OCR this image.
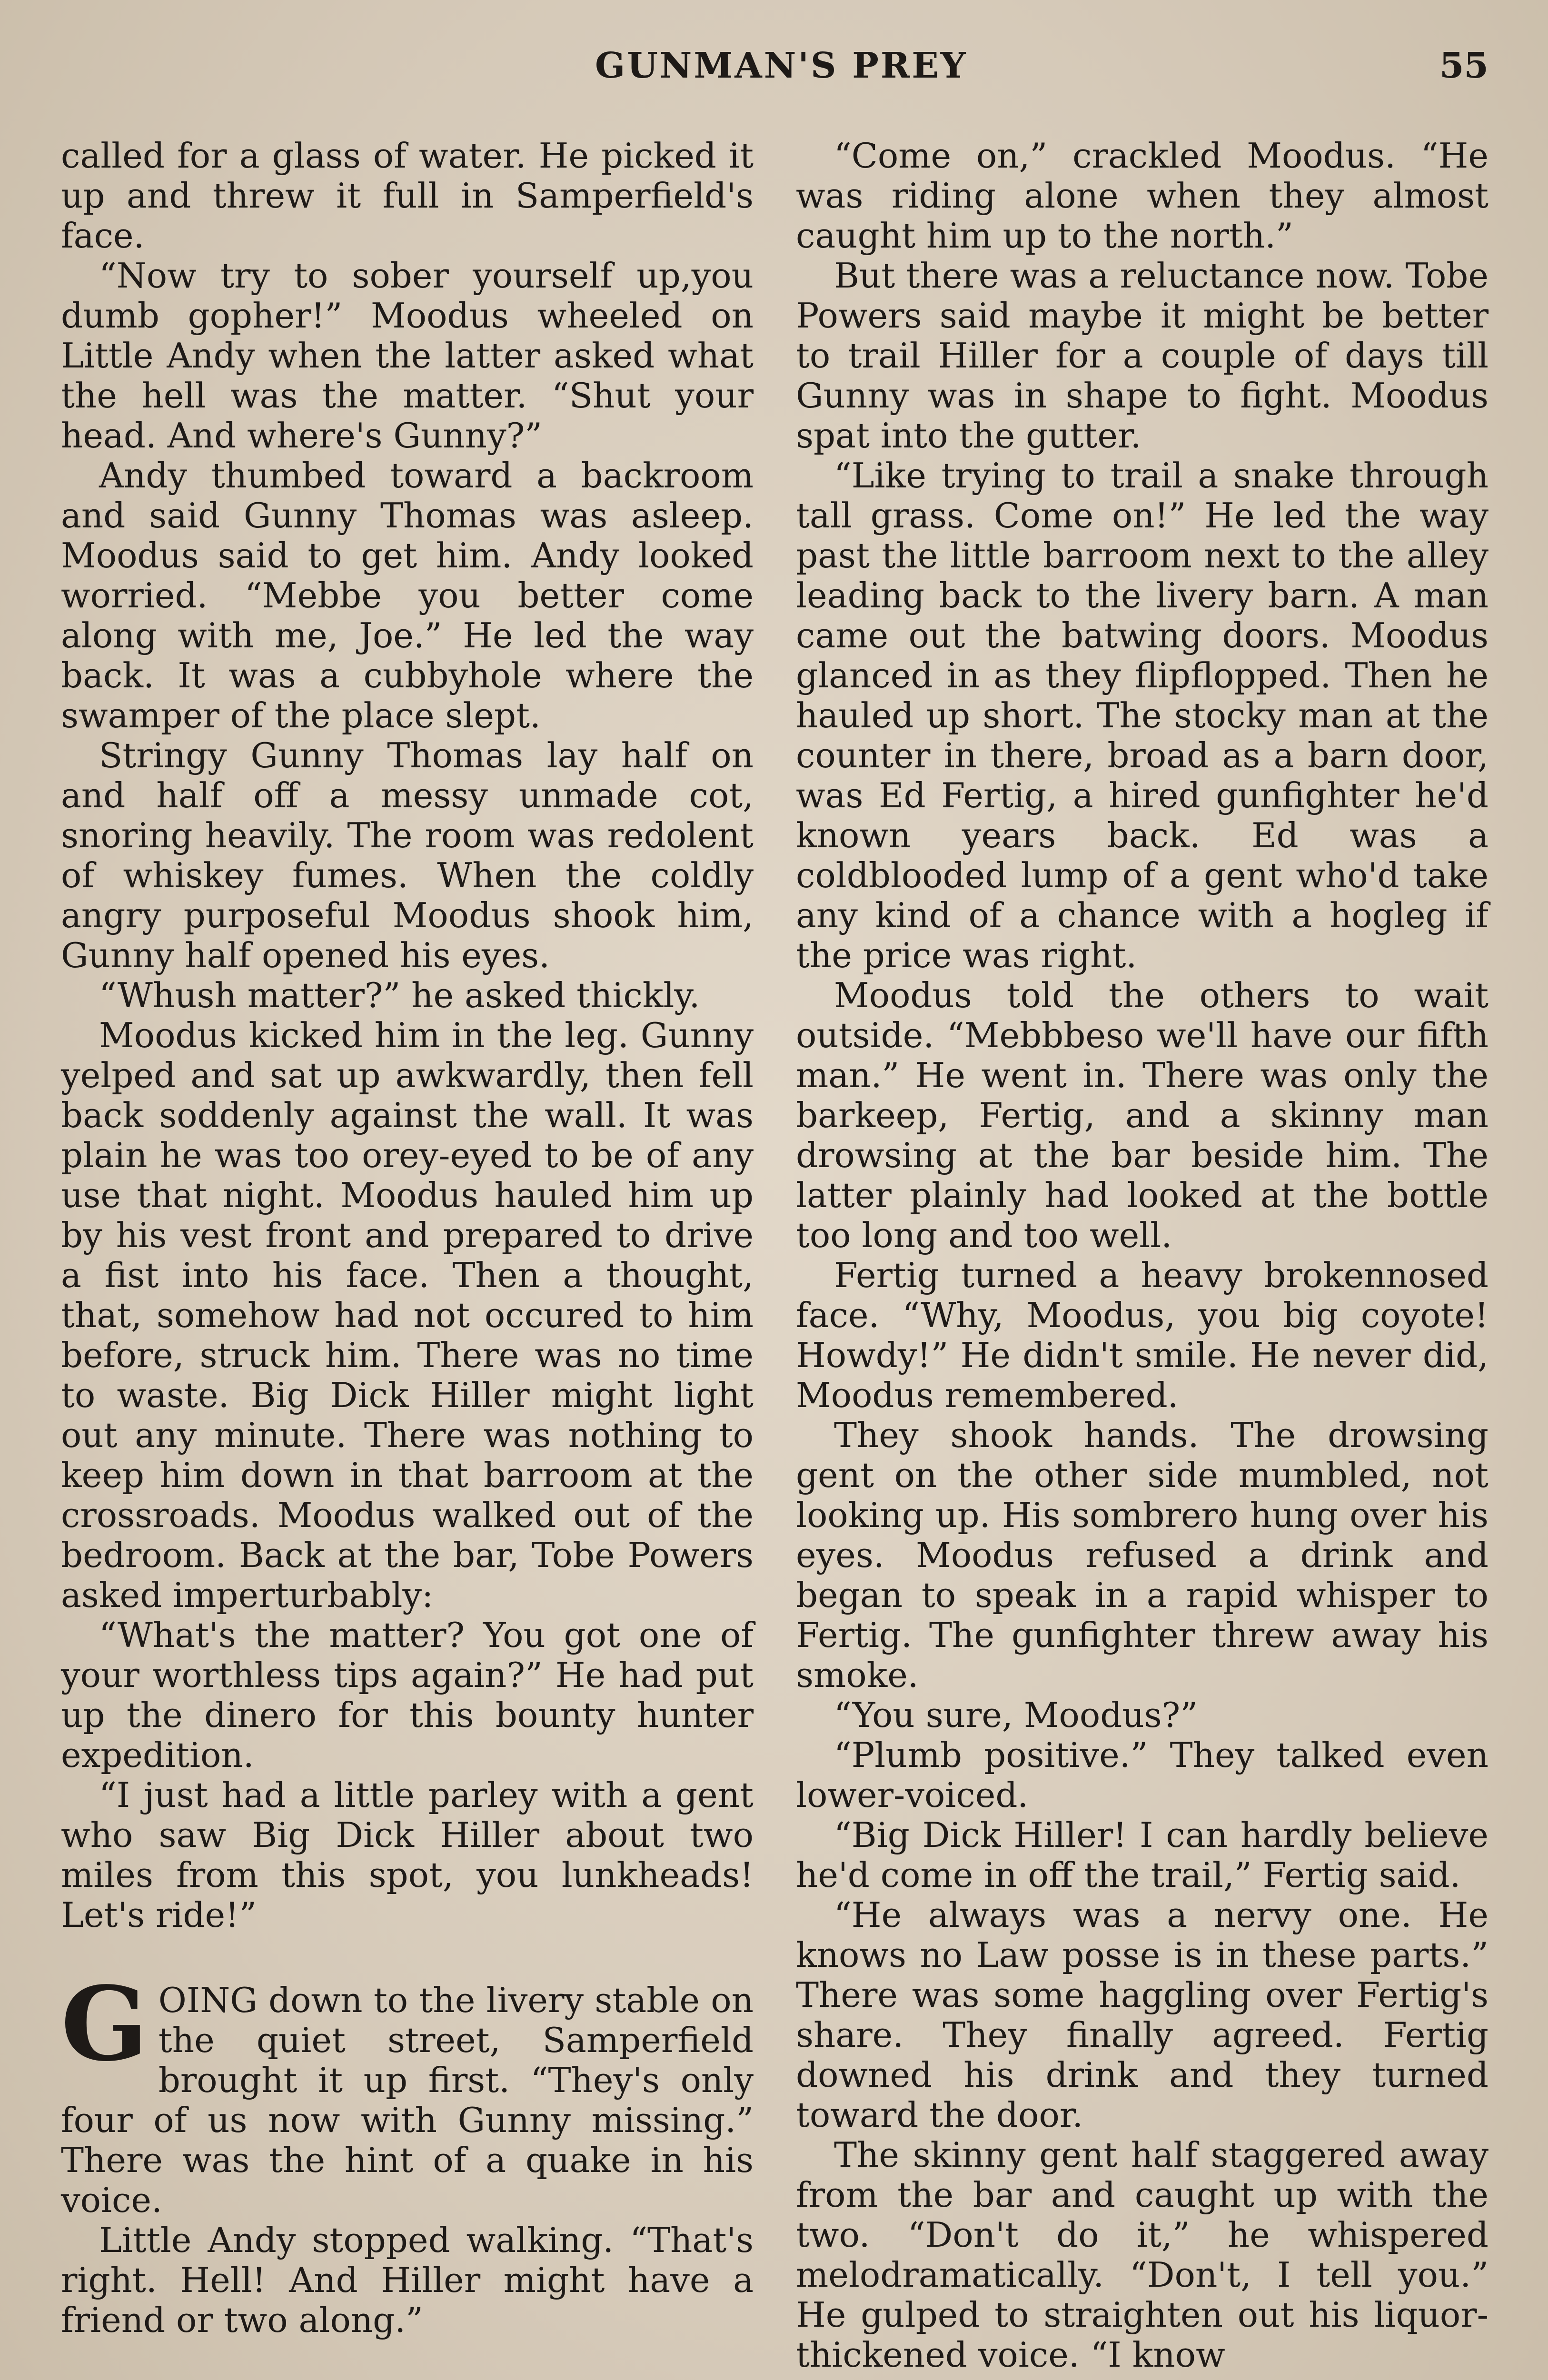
GUNMAN'S PREY	55

called for a glass of water. He picked it up and threw it full in Samperfield's face.

“Now try to sober yourself up,you dumb gopher!” Moodus wheeled on Little Andy when the latter asked what the hell was the matter. “Shut your head. And where's Gunny?”

Andy thumbed toward a backroom and said Gunny Thomas was asleep. Moodus said to get him. Andy looked worried. “Mebbe you better come along with me, Joe.” He led the way back. It was a cubbyhole where the swamper of the place slept.

Stringy Gunny Thomas lay half on and half off a messy unmade cot, snoring heavily. The room was redolent of whiskey fumes. When the coldly angry purposeful Moodus shook him, Gunny half opened his eyes.

“Whush matter?” he asked thickly.

Moodus kicked him in the leg. Gunny yelped and sat up awkwardly, then fell back soddenly against the wall. It was plain he was too orey-eyed to be of any use that night. Moodus hauled him up by his vest front and prepared to drive a fist into his face. Then a thought, that, somehow had not occured to him before, struck him. There was no time to waste. Big Dick Hiller might light out any minute. There was nothing to keep him down in that barroom at the crossroads. Moodus walked out of the bedroom. Back at the bar, Tobe Powers asked imperturbably:

“What's the matter? You got one of your worthless tips again?” He had put up the dinero for this bounty hunter expedition.

“I just had a little parley with a gent who saw Big Dick Hiller about two miles from this spot, you lunkheads! Let's ride!”

GOING down to the livery stable on the quiet street, Samperfield brought it up first. “They's only four of us now with Gunny missing.” There was the hint of a quake in his voice.

Little Andy stopped walking. “That's right. Hell! And Hiller might have a friend or two along.”

“Come on,” crackled Moodus. “He was riding alone when they almost caught him up to the north.”

But there was a reluctance now. Tobe Powers said maybe it might be better to trail Hiller for a couple of days till Gunny was in shape to fight. Moodus spat into the gutter.

“Like trying to trail a snake through tall grass. Come on!” He led the way past the little barroom next to the alley leading back to the livery barn. A man came out the batwing doors. Moodus glanced in as they flipflopped. Then he hauled up short. The stocky man at the counter in there, broad as a barn door, was Ed Fertig, a hired gunfighter he'd known years back. Ed was a coldblooded lump of a gent who'd take any kind of a chance with a hogleg if the price was right.

Moodus told the others to wait outside. “Mebbbeso we'll have our fifth man.” He went in. There was only the barkeep, Fertig, and a skinny man drowsing at the bar beside him. The latter plainly had looked at the bottle too long and too well.

Fertig turned a heavy brokennosed face. “Why, Moodus, you big coyote! Howdy!” He didn't smile. He never did, Moodus remembered.

They shook hands. The drowsing gent on the other side mumbled, not looking up. His sombrero hung over his eyes. Moodus refused a drink and began to speak in a rapid whisper to Fertig. The gunfighter threw away his smoke.

“You sure, Moodus?”

“Plumb positive.” They talked even lower-voiced.

“Big Dick Hiller! I can hardly believe he'd come in off the trail,” Fertig said.

“He always was a nervy one. He knows no Law posse is in these parts.” There was some haggling over Fertig's share. They finally agreed. Fertig downed his drink and they turned toward the door.

The skinny gent half staggered away from the bar and caught up with the two. “Don't do it,” he whispered melodramatically. “Don't, I tell you.” He gulped to straighten out his liquor-thickened voice. “I know
